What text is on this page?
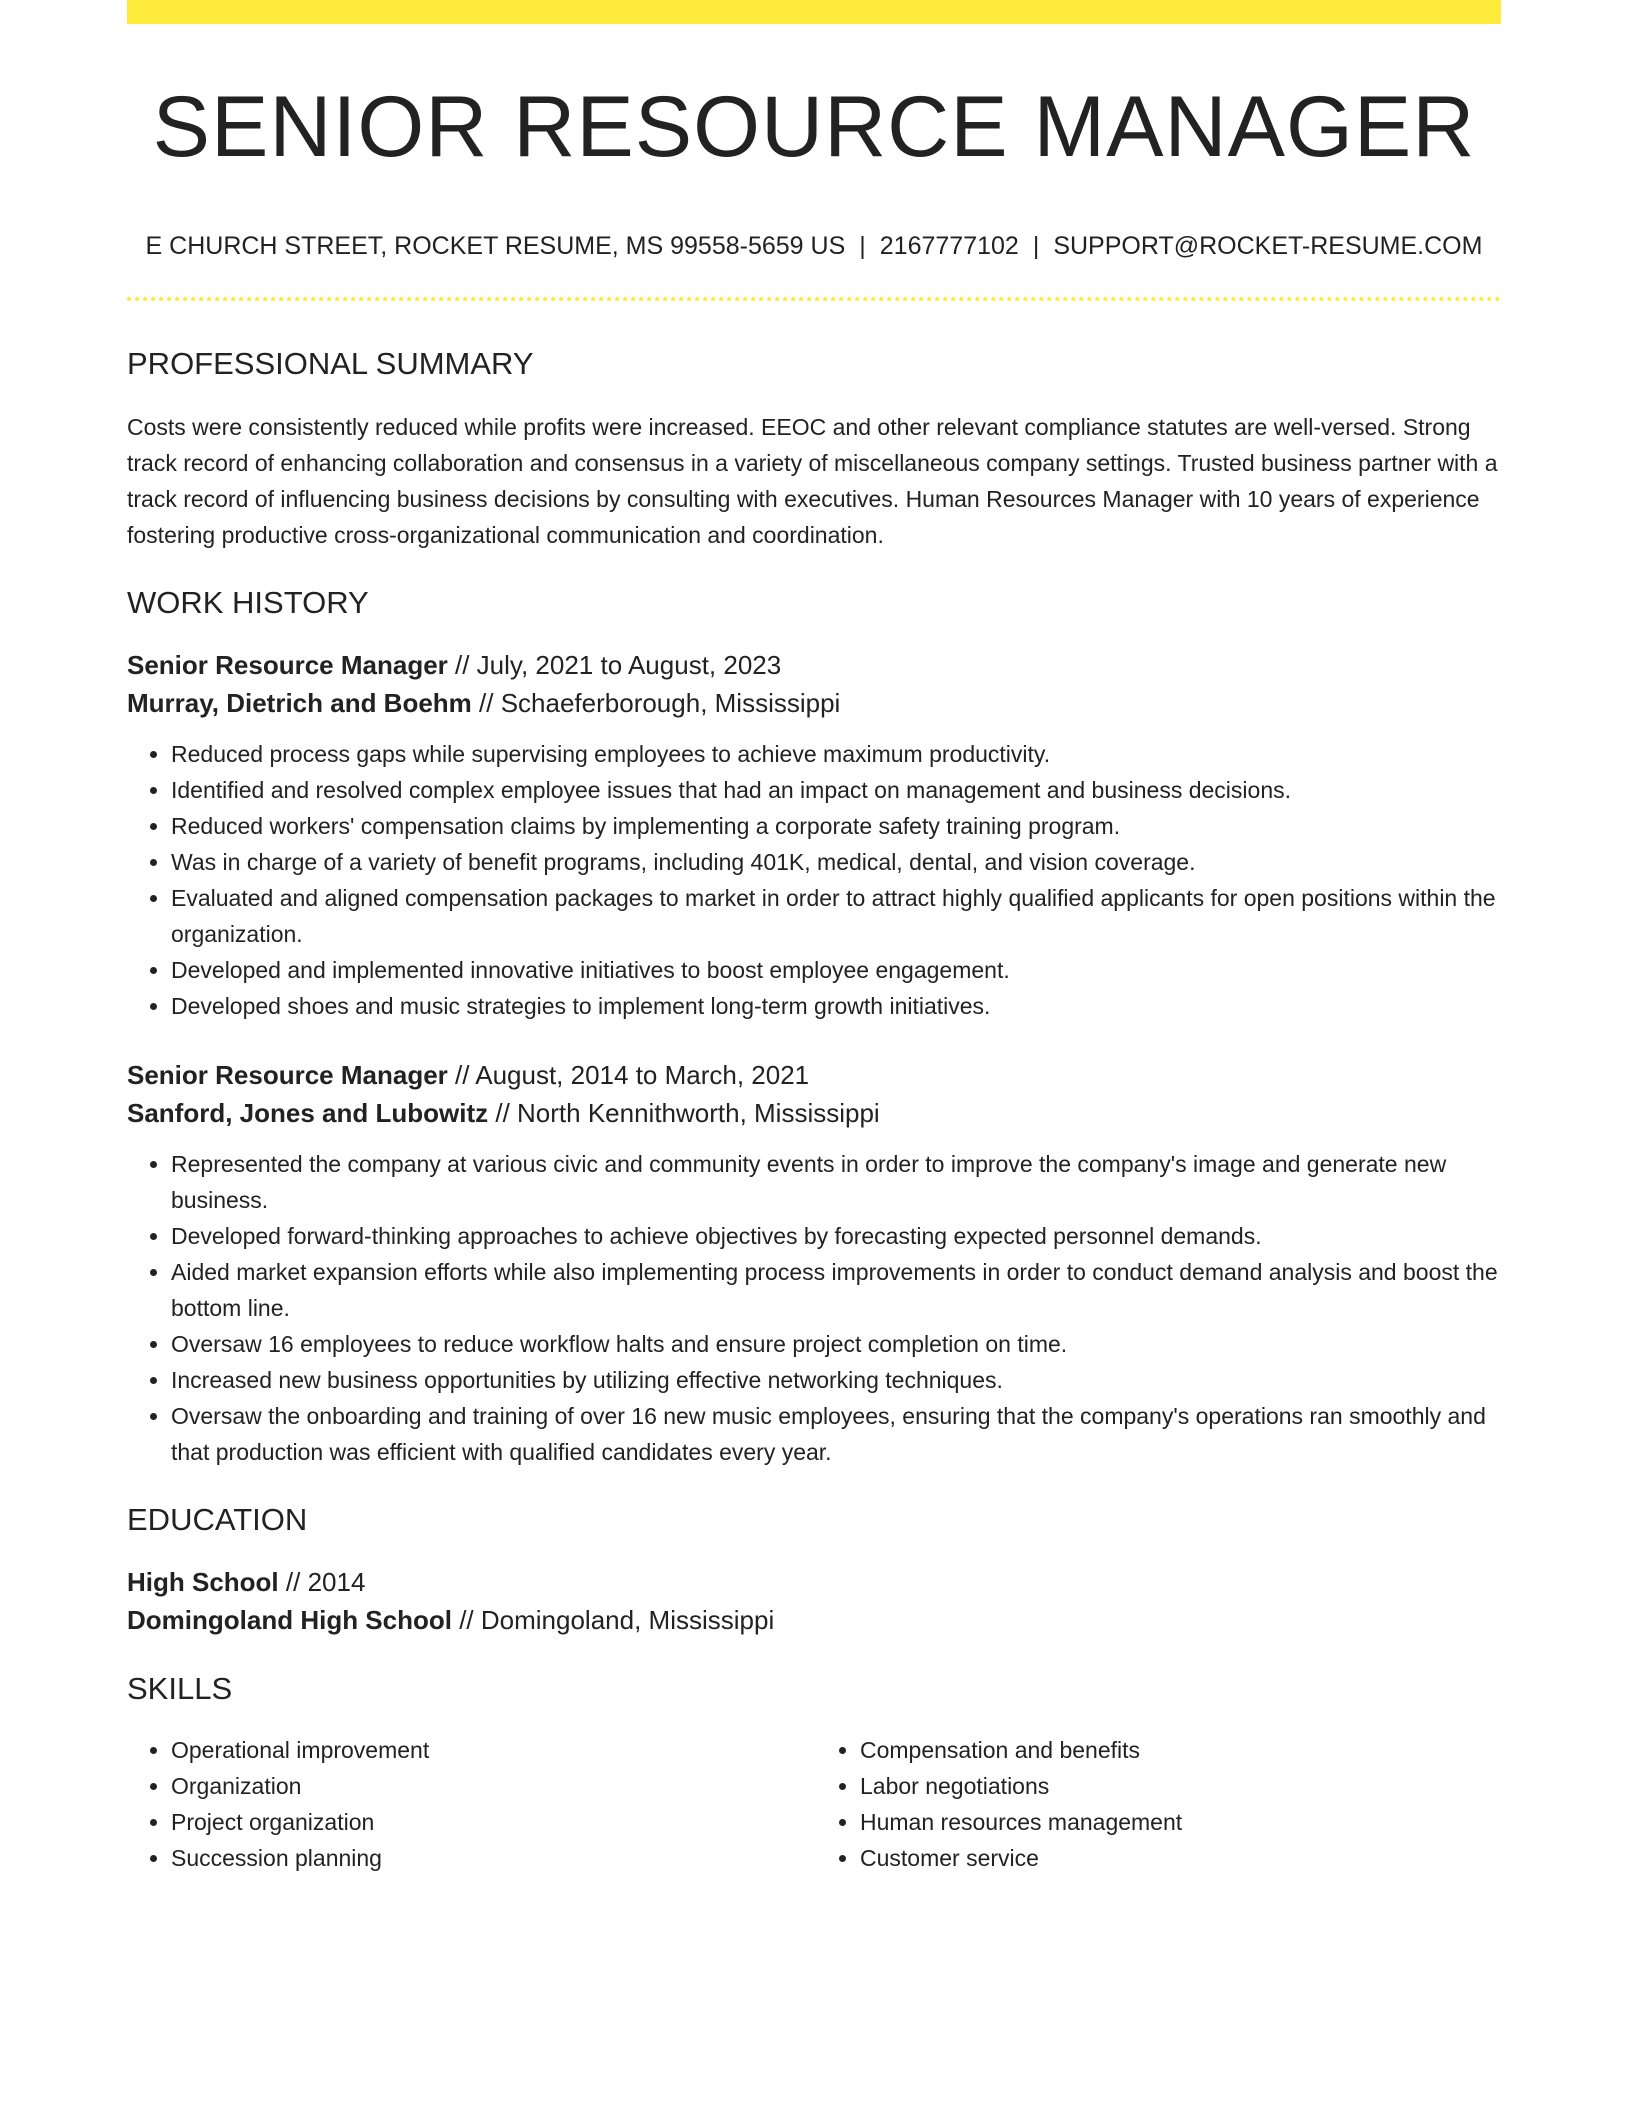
SENIOR RESOURCE MANAGER
E CHURCH STREET, ROCKET RESUME, MS 99558-5659 US | 2167777102 | SUPPORT@ROCKET-RESUME.COM
PROFESSIONAL SUMMARY
Costs were consistently reduced while profits were increased. EEOC and other relevant compliance statutes are well-versed. Strong track record of enhancing collaboration and consensus in a variety of miscellaneous company settings. Trusted business partner with a track record of influencing business decisions by consulting with executives. Human Resources Manager with 10 years of experience fostering productive cross-organizational communication and coordination.
WORK HISTORY
Senior Resource Manager // July, 2021 to August, 2023
Murray, Dietrich and Boehm // Schaeferborough, Mississippi
• Reduced process gaps while supervising employees to achieve maximum productivity.
• Identified and resolved complex employee issues that had an impact on management and business decisions.
• Reduced workers' compensation claims by implementing a corporate safety training program.
• Was in charge of a variety of benefit programs, including 401K, medical, dental, and vision coverage.
• Evaluated and aligned compensation packages to market in order to attract highly qualified applicants for open positions within the organization.
• Developed and implemented innovative initiatives to boost employee engagement.
• Developed shoes and music strategies to implement long-term growth initiatives.
Senior Resource Manager // August, 2014 to March, 2021
Sanford, Jones and Lubowitz // North Kennithworth, Mississippi
• Represented the company at various civic and community events in order to improve the company's image and generate new business.
• Developed forward-thinking approaches to achieve objectives by forecasting expected personnel demands.
• Aided market expansion efforts while also implementing process improvements in order to conduct demand analysis and boost the bottom line.
• Oversaw 16 employees to reduce workflow halts and ensure project completion on time.
• Increased new business opportunities by utilizing effective networking techniques.
• Oversaw the onboarding and training of over 16 new music employees, ensuring that the company's operations ran smoothly and that production was efficient with qualified candidates every year.
EDUCATION
High School // 2014
Domingoland High School // Domingoland, Mississippi
SKILLS
• Operational improvement
• Organization
• Project organization
• Succession planning
• Compensation and benefits
• Labor negotiations
• Human resources management
• Customer service
